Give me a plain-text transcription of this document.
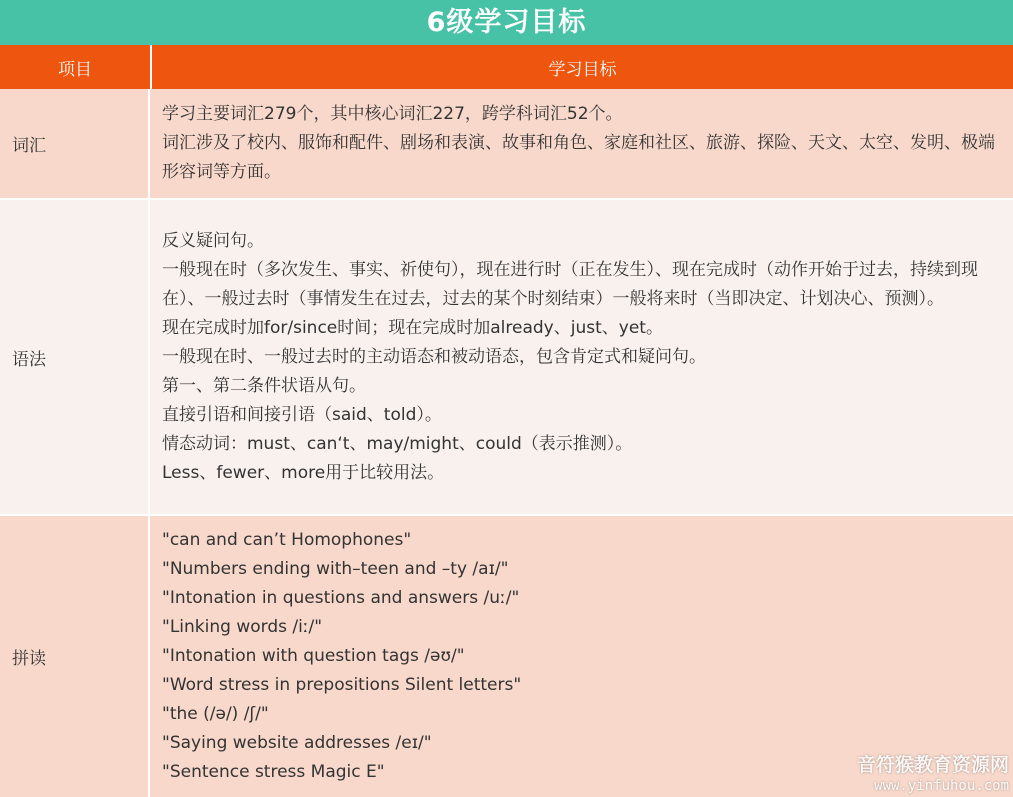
6级学习目标
项目	学习目标
词汇
学习主要词汇279个，其中核心词汇227，跨学科词汇52个。
词汇涉及了校内、服饰和配件、剧场和表演、故事和角色、家庭和社区、旅游、探险、天文、太空、发明、极端形容词等方面。
语法
反义疑问句。
一般现在时（多次发生、事实、祈使句），现在进行时（正在发生）、现在完成时（动作开始于过去，持续到现在）、一般过去时（事情发生在过去，过去的某个时刻结束）一般将来时（当即决定、计划决心、预测）。
现在完成时加for/since时间；现在完成时加already、just、yet。
一般现在时、一般过去时的主动语态和被动语态，包含肯定式和疑问句。
第一、第二条件状语从句。
直接引语和间接引语（said、told）。
情态动词：must、can‘t、may/might、could（表示推测）。
Less、fewer、more用于比较用法。
拼读
"can and can’t Homophones"
"Numbers ending with–teen and –ty /aɪ/"
"Intonation in questions and answers /uː/"
"Linking words /iː/"
"Intonation with question tags /əʊ/"
"Word stress in prepositions Silent letters"
"the (/ə/) /ʃ/"
"Saying website addresses /eɪ/"
"Sentence stress Magic E"	音符猴教育资源网
www.yinfuhou.com
